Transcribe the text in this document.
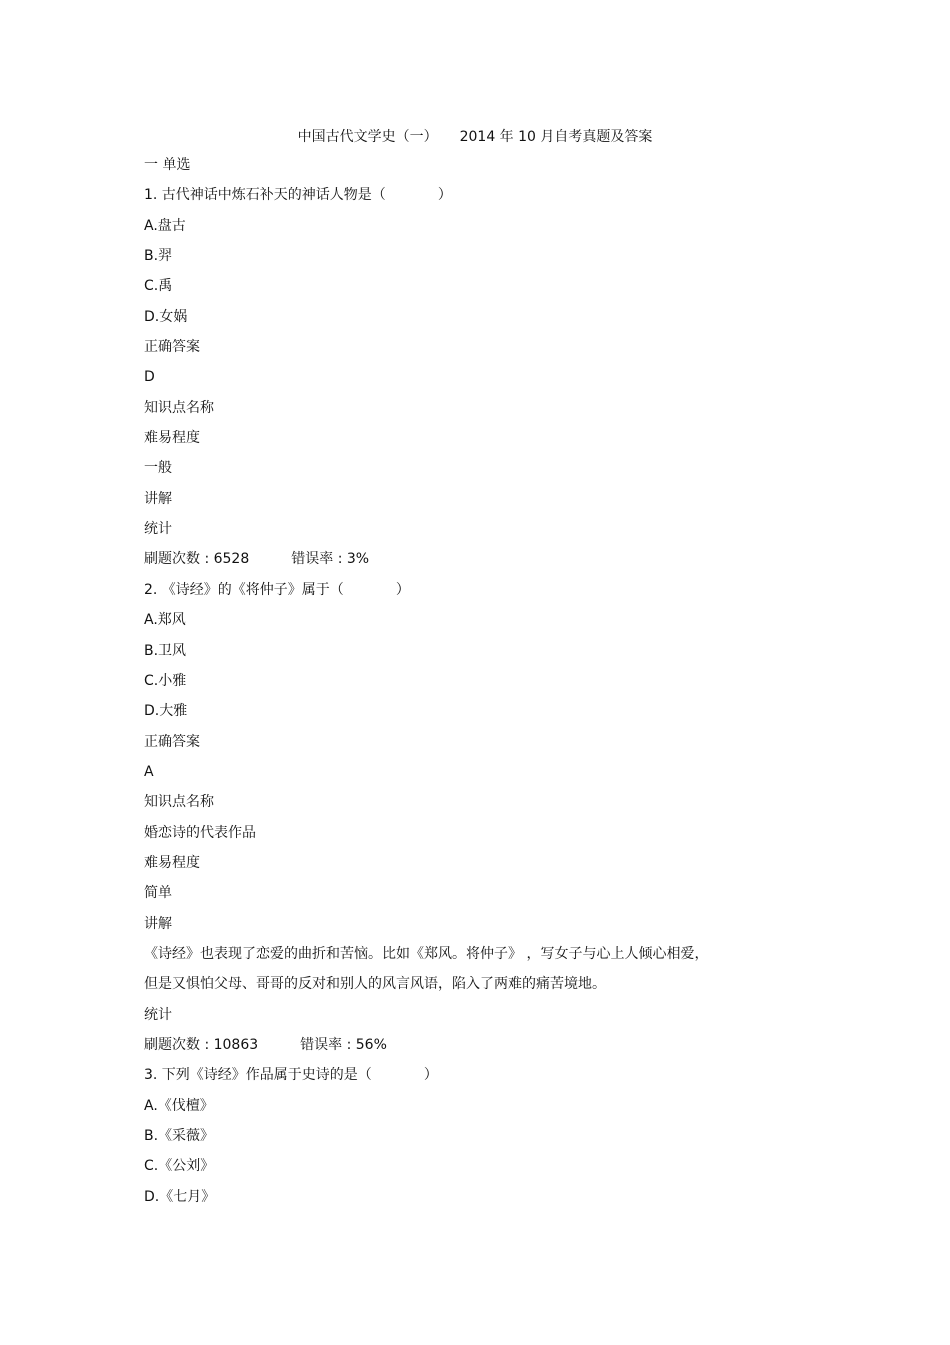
中国古代文学史（一） 2014 年 10 月自考真题及答案
一 单选
1. 古代神话中炼石补天的神话人物是（	）
A.盘古
B.羿
C.禹
D.女娲
正确答案
D
知识点名称
难易程度
一般
讲解
统计
刷题次数 : 6528	错误率 : 3%
2. 《诗经》的《将仲子》属于（	）
A.郑风
B.卫风
C.小雅
D.大雅
正确答案
A
知识点名称
婚恋诗的代表作品
难易程度
简单
讲解
《诗经》也表现了恋爱的曲折和苦恼。比如《郑风。将仲子》 ，写女子与心上人倾心相爱，
但是又惧怕父母、哥哥的反对和别人的风言风语，陷入了两难的痛苦境地。
统计
刷题次数 : 10863	错误率 : 56%
3. 下列《诗经》作品属于史诗的是（	）
A.《伐檀》
B.《采薇》
C.《公刘》
D.《七月》
